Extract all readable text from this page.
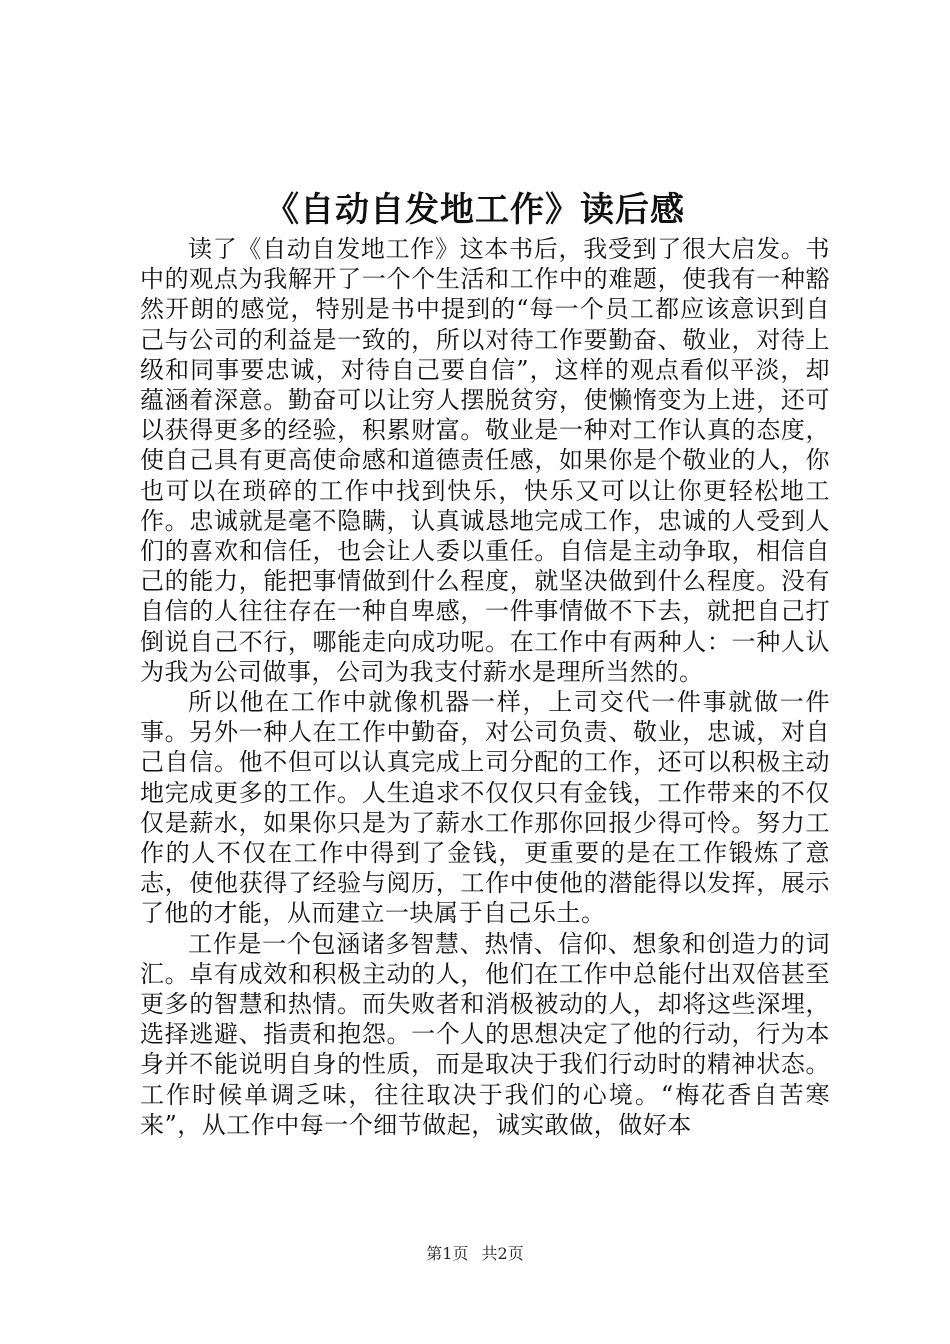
《自动自发地工作》读后感

读了《自动自发地工作》这本书后，我受到了很大启发。书中的观点为我解开了一个个生活和工作中的难题，使我有一种豁然开朗的感觉，特别是书中提到的“每一个员工都应该意识到自己与公司的利益是一致的，所以对待工作要勤奋、敬业，对待上级和同事要忠诚，对待自己要自信”，这样的观点看似平淡，却蕴涵着深意。勤奋可以让穷人摆脱贫穷，使懒惰变为上进，还可以获得更多的经验，积累财富。敬业是一种对工作认真的态度，使自己具有更高使命感和道德责任感，如果你是个敬业的人，你也可以在琐碎的工作中找到快乐，快乐又可以让你更轻松地工作。忠诚就是毫不隐瞒，认真诚恳地完成工作，忠诚的人受到人们的喜欢和信任，也会让人委以重任。自信是主动争取，相信自己的能力，能把事情做到什么程度，就坚决做到什么程度。没有自信的人往往存在一种自卑感，一件事情做不下去，就把自己打倒说自己不行，哪能走向成功呢。在工作中有两种人：一种人认为我为公司做事，公司为我支付薪水是理所当然的。

所以他在工作中就像机器一样，上司交代一件事就做一件事。另外一种人在工作中勤奋，对公司负责、敬业，忠诚，对自己自信。他不但可以认真完成上司分配的工作，还可以积极主动地完成更多的工作。人生追求不仅仅只有金钱，工作带来的不仅仅是薪水，如果你只是为了薪水工作那你回报少得可怜。努力工作的人不仅在工作中得到了金钱，更重要的是在工作锻炼了意志，使他获得了经验与阅历，工作中使他的潜能得以发挥，展示了他的才能，从而建立一块属于自己乐土。

工作是一个包涵诸多智慧、热情、信仰、想象和创造力的词汇。卓有成效和积极主动的人，他们在工作中总能付出双倍甚至更多的智慧和热情。而失败者和消极被动的人，却将这些深埋，选择逃避、指责和抱怨。一个人的思想决定了他的行动，行为本身并不能说明自身的性质，而是取决于我们行动时的精神状态。工作时候单调乏味，往往取决于我们的心境。“梅花香自苦寒来”，从工作中每一个细节做起，诚实敢做，做好本

第1页 共2页
